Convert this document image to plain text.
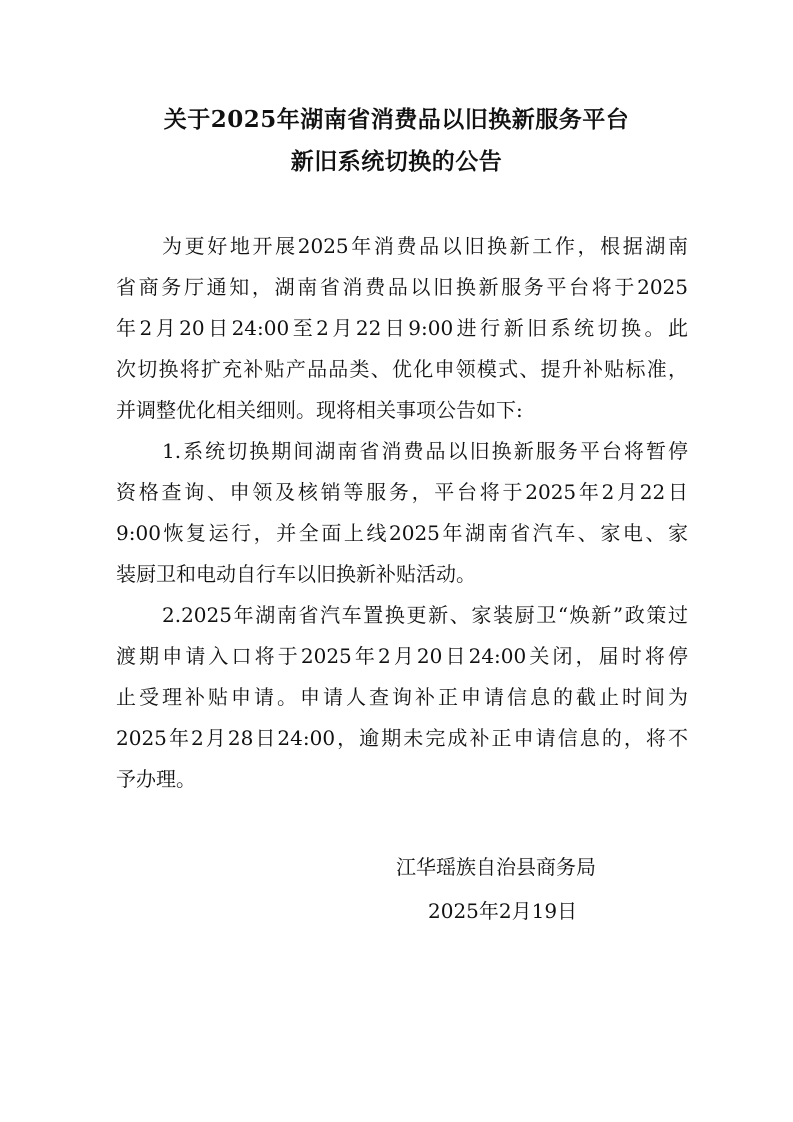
关于2025年湖南省消费品以旧换新服务平台
新旧系统切换的公告
为更好地开展2025年消费品以旧换新工作，根据湖南
省商务厅通知，湖南省消费品以旧换新服务平台将于2025
年2月20日24:00至2月22日9:00进行新旧系统切换。此
次切换将扩充补贴产品品类、优化申领模式、提升补贴标准，
并调整优化相关细则。现将相关事项公告如下:
1.系统切换期间湖南省消费品以旧换新服务平台将暂停
资格查询、申领及核销等服务，平台将于2025年2月22日
9:00恢复运行，并全面上线2025年湖南省汽车、家电、家
装厨卫和电动自行车以旧换新补贴活动。
2.2025年湖南省汽车置换更新、家装厨卫“焕新”政策过
渡期申请入口将于2025年2月20日24:00关闭，届时将停
止受理补贴申请。申请人查询补正申请信息的截止时间为
2025年2月28日24:00，逾期未完成补正申请信息的，将不
予办理。
江华瑶族自治县商务局
2025年2月19日
